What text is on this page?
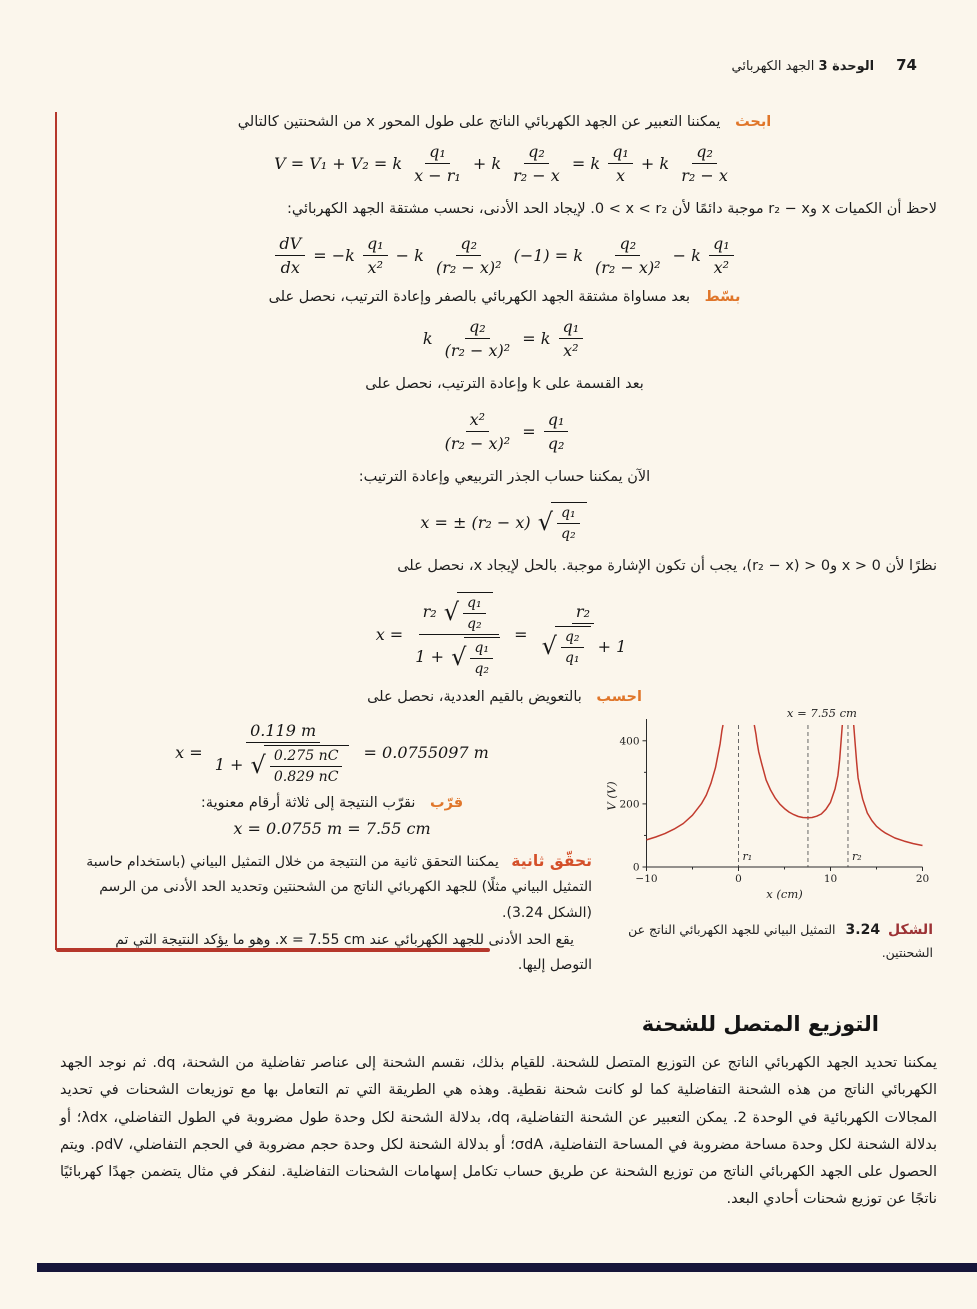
74
الوحدة 3 الجهد الكهربائي

ابحث يمكننا التعبير عن الجهد الكهربائي الناتج على طول المحور ⁦x⁩ من الشحنتين كالتالي

V = V₁ + V₂ = k $\frac{\text{q₁}}{\text{x − r₁}} + k \frac{\text{q₂}}{\text{r₂ − x}} = k \frac{\text{q₁}}{x} + k \frac{\text{q₂}}{\text{r₂ − x}}$

لاحظ أن الكميات ⁦x⁩ و⁦r₂ − x⁩ موجبة دائمًا لأن ⁦0 < x < r₂⁩. لإيجاد الحد الأدنى، نحسب مشتقة الجهد الكهربائي:

$\frac{dV}{dx} = -k \frac{\text{q₁}}{\text{x²}} - k \frac{\text{q₂}}{\text{(r₂ − x)²}} (-1) = k \frac{\text{q₂}}{\text{(r₂ − x)²}} - k \frac{\text{q₁}}{\text{x²}}$

بسّط بعد مساواة مشتقة الجهد الكهربائي بالصفر وإعادة الترتيب، نحصل على

k $\frac{\text{q₂}}{\text{(r₂ − x)²}} = k \frac{\text{q₁}}{\text{x²}}$

بعد القسمة على ⁦k⁩ وإعادة الترتيب، نحصل على

$\frac{\text{x²}}{\text{(r₂ − x)²}} = \frac{\text{q₁}}{\text{q₂}}$

الآن يمكننا حساب الجذر التربيعي وإعادة الترتيب:

x = ± (r₂ − x) √ $\frac{\text{q₁}}{\text{q₂}}$

نظرًا لأن ⁦x > 0⁩ و⁦(r₂ − x) > 0⁩، يجب أن تكون الإشارة موجبة. بالحل لإيجاد ⁦x⁩، نحصل على

$x = \frac{r_2 √ \frac{\text{q₁}}{\text{q₂}}}{1 + √ \frac{\text{q₁}}{\text{q₂}}} = \frac{\text{r₂}}{√ \frac{\text{q₂}}{\text{q₁}} + 1}$

احسب بالتعويض بالقيم العددية، نحصل على

$x = \frac{0.119 m}{1 + √ \frac{0.275 nC}{0.829 nC}} = 0.0755097$ m

قرّب نقرّب النتيجة إلى ثلاثة أرقام معنوية:

x = 0.0755 m = 7.55 cm

تحقّق ثانية يمكننا التحقق ثانية من النتيجة من خلال التمثيل البياني (باستخدام حاسبة التمثيل البياني مثلًا) للجهد الكهربائي الناتج من الشحنتين وتحديد الحد الأدنى من الرسم (الشكل 3.24).

يقع الحد الأدنى للجهد الكهربائي عند ⁦x = 7.55 cm⁩. وهو ما يؤكد النتيجة التي تم التوصل إليها.

r₁	r₂
−10	0	10	20
0
200
400
x = 7.55 cm
x (cm)
V (V)
الشكل 3.24 التمثيل البياني للجهد الكهربائي الناتج عن الشحنتين.
التوزيع المتصل للشحنة

يمكننا تحديد الجهد الكهربائي الناتج عن التوزيع المتصل للشحنة. للقيام بذلك، نقسم الشحنة إلى عناصر تفاضلية من الشحنة، ⁦dq⁩. ثم نوجد الجهد الكهربائي الناتج من هذه الشحنة التفاضلية كما لو كانت شحنة نقطية. وهذه هي الطريقة التي تم التعامل بها مع توزيعات الشحنات في تحديد المجالات الكهربائية في الوحدة 2. يمكن التعبير عن الشحنة التفاضلية، ⁦dq⁩، بدلالة الشحنة لكل وحدة طول مضروبة في الطول التفاضلي، ⁦λdx⁩؛ أو بدلالة الشحنة لكل وحدة مساحة مضروبة في المساحة التفاضلية، ⁦σdA⁩؛ أو بدلالة الشحنة لكل وحدة حجم مضروبة في الحجم التفاضلي، ⁦ρdV⁩. ويتم الحصول على الجهد الكهربائي الناتج من توزيع الشحنة عن طريق حساب تكامل إسهامات الشحنات التفاضلية. لنفكر في مثال يتضمن جهدًا كهربائيًا ناتجًا عن توزيع شحنات أحادي البعد.
